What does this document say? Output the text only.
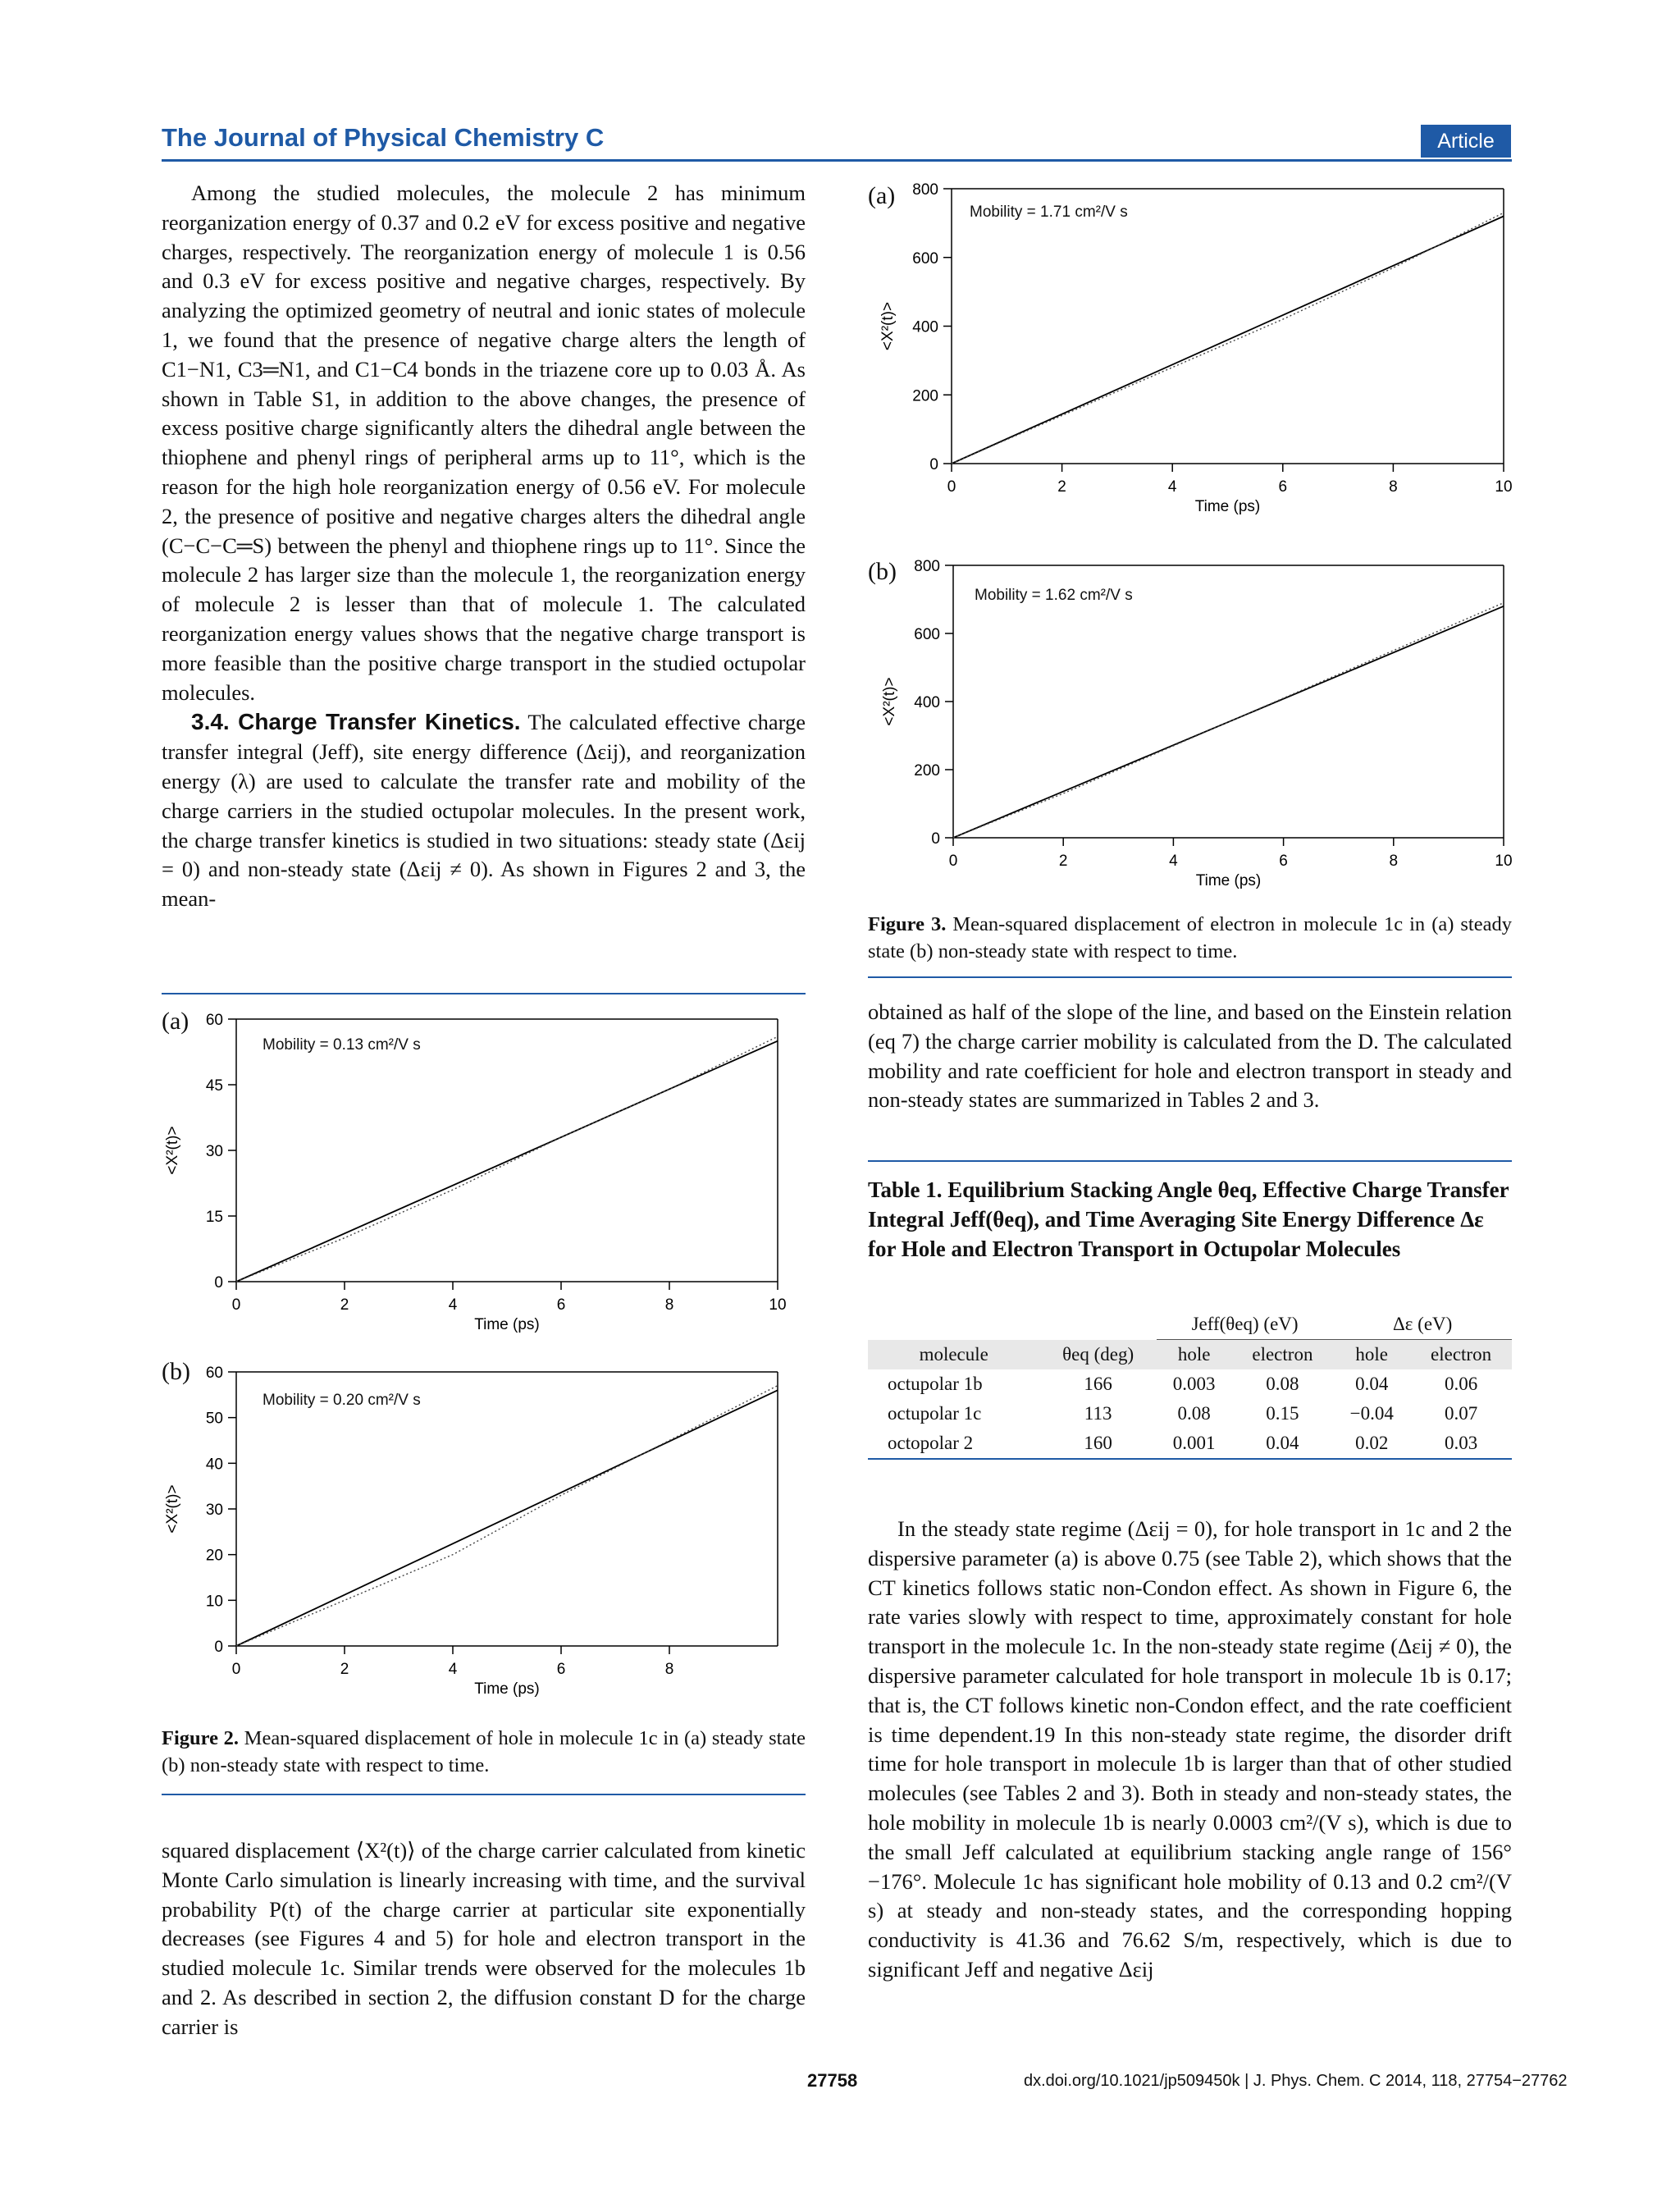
The Journal of Physical Chemistry C	Article

Among the studied molecules, the molecule 2 has minimum reorganization energy of 0.37 and 0.2 eV for excess positive and negative charges, respectively. The reorganization energy of molecule 1 is 0.56 and 0.3 eV for excess positive and negative charges, respectively. By analyzing the optimized geometry of neutral and ionic states of molecule 1, we found that the presence of negative charge alters the length of C1−N1, C3═N1, and C1−C4 bonds in the triazene core up to 0.03 Å. As shown in Table S1, in addition to the above changes, the presence of excess positive charge significantly alters the dihedral angle between the thiophene and phenyl rings of peripheral arms up to 11°, which is the reason for the high hole reorganization energy of 0.56 eV. For molecule 2, the presence of positive and negative charges alters the dihedral angle (C−C−C═S) between the phenyl and thiophene rings up to 11°. Since the molecule 2 has larger size than the molecule 1, the reorganization energy of molecule 2 is lesser than that of molecule 1. The calculated reorganization energy values shows that the negative charge transport is more feasible than the positive charge transport in the studied octupolar molecules.

3.4. Charge Transfer Kinetics. The calculated effective charge transfer integral (Jeff), site energy difference (Δεij), and reorganization energy (λ) are used to calculate the transfer rate and mobility of the charge carriers in the studied octupolar molecules. In the present work, the charge transfer kinetics is studied in two situations: steady state (Δεij = 0) and non-steady state (Δεij ≠ 0). As shown in Figures 2 and 3, the mean-

(a)
0	2	4	6	8	10
0
15
30
45
60
Time (ps)
<X²(t)>
Mobility = 0.13 cm²/V s
(b)
0	2	4	6	8
0
10
20
30
40
50
60
Time (ps)
<X²(t)>
Mobility = 0.20 cm²/V s
Figure 2. Mean-squared displacement of hole in molecule 1c in (a) steady state (b) non-steady state with respect to time.

squared displacement ⟨X²(t)⟩ of the charge carrier calculated from kinetic Monte Carlo simulation is linearly increasing with time, and the survival probability P(t) of the charge carrier at particular site exponentially decreases (see Figures 4 and 5) for hole and electron transport in the studied molecule 1c. Similar trends were observed for the molecules 1b and 2. As described in section 2, the diffusion constant D for the charge carrier is

(a)
0	2	4	6	8	10
0
200
400
600
800
Time (ps)
<X²(t)>
Mobility = 1.71 cm²/V s
(b)
0	2	4	6	8	10
0
200
400
600
800
Time (ps)
<X²(t)>
Mobility = 1.62 cm²/V s
Figure 3. Mean-squared displacement of electron in molecule 1c in (a) steady state (b) non-steady state with respect to time.

obtained as half of the slope of the line, and based on the Einstein relation (eq 7) the charge carrier mobility is calculated from the D. The calculated mobility and rate coefficient for hole and electron transport in steady and non-steady states are summarized in Tables 2 and 3.

Table 1. Equilibrium Stacking Angle θeq, Effective Charge Transfer Integral Jeff(θeq), and Time Averaging Site Energy Difference Δε for Hole and Electron Transport in Octupolar Molecules
		Jeff(θeq) (eV)		Δε (eV)	
molecule	θeq (deg)	hole	electron	hole	electron
octupolar 1b	166	0.003	0.08	0.04	0.06
octupolar 1c	113	0.08	0.15	−0.04	0.07
octopolar 2	160	0.001	0.04	0.02	0.03

In the steady state regime (Δεij = 0), for hole transport in 1c and 2 the dispersive parameter (a) is above 0.75 (see Table 2), which shows that the CT kinetics follows static non-Condon effect. As shown in Figure 6, the rate varies slowly with respect to time, approximately constant for hole transport in the molecule 1c. In the non-steady state regime (Δεij ≠ 0), the dispersive parameter calculated for hole transport in molecule 1b is 0.17; that is, the CT follows kinetic non-Condon effect, and the rate coefficient is time dependent.19 In this non-steady state regime, the disorder drift time for hole transport in molecule 1b is larger than that of other studied molecules (see Tables 2 and 3). Both in steady and non-steady states, the hole mobility in molecule 1b is nearly 0.0003 cm²/(V s), which is due to the small Jeff calculated at equilibrium stacking angle range of 156°−176°. Molecule 1c has significant hole mobility of 0.13 and 0.2 cm²/(V s) at steady and non-steady states, and the corresponding hopping conductivity is 41.36 and 76.62 S/m, respectively, which is due to significant Jeff and negative Δεij

27758	dx.doi.org/10.1021/jp509450k | J. Phys. Chem. C 2014, 118, 27754−27762
